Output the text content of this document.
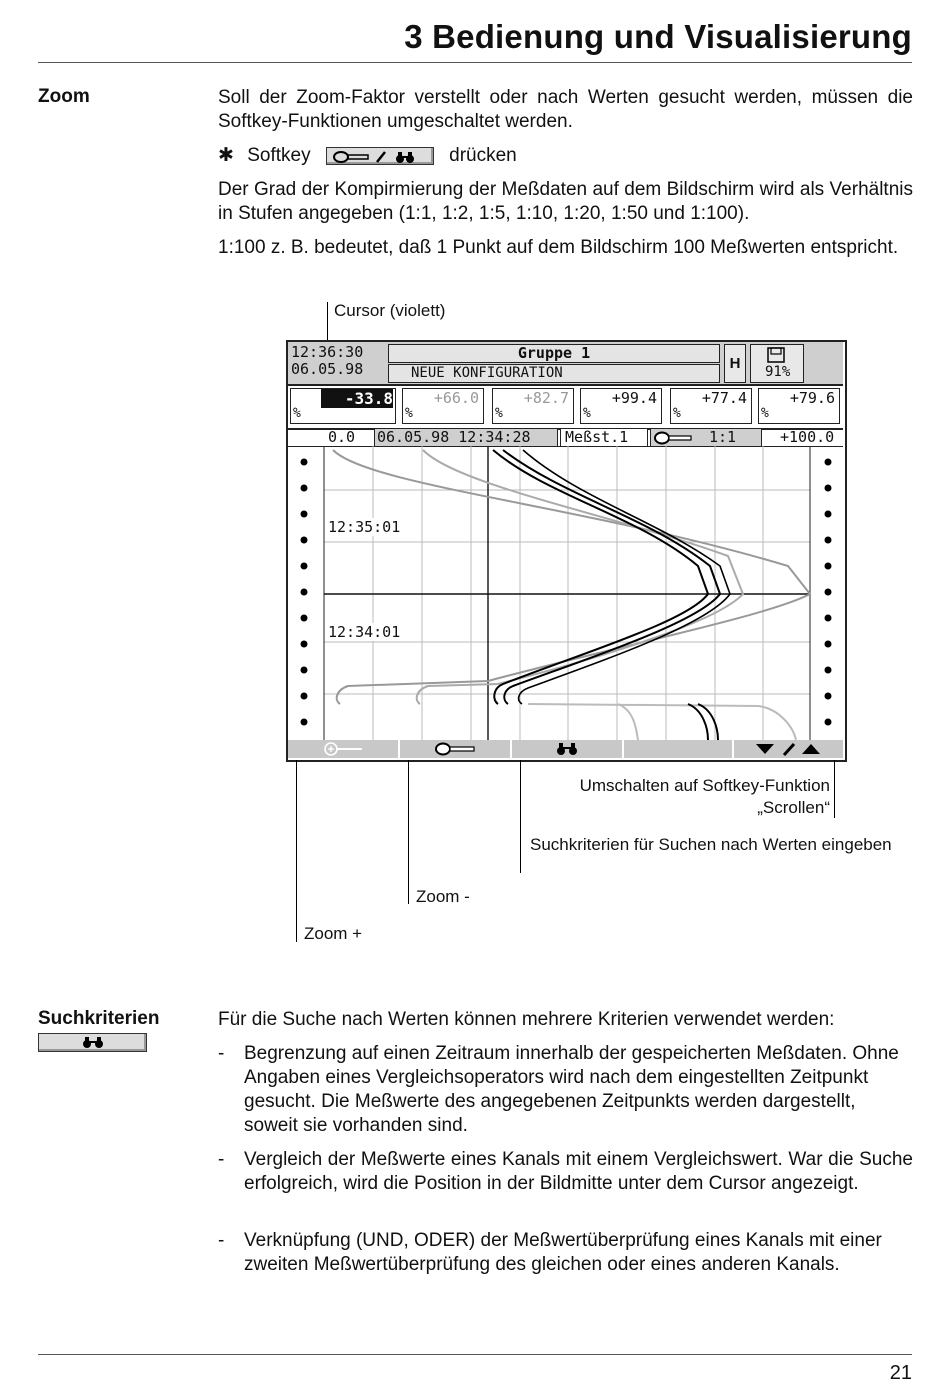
3 Bedienung und Visualisierung
Zoom	Soll der Zoom-Faktor verstellt oder nach Werten gesucht werden, müssen die Softkey-Funktionen umgeschaltet werden.
✱ Softkey	drücken
Der Grad der Kompirmierung der Meßdaten auf dem Bildschirm wird als Verhältnis in Stufen angegeben (1:1, 1:2, 1:5, 1:10, 1:20, 1:50 und 1:100).
1:100 z. B. bedeutet, daß 1 Punkt auf dem Bildschirm 100 Meßwerten entspricht.
Cursor (violett)
12:36:30
06.05.98
Gruppe 1
NEUE KONFIGURATION
H	91%
-33.8
%
+66.0
%
+82.7
%
+99.4
%
+77.4
%
+79.6
%
0.0 06.05.98 12:34:28 Meßst.1	1:1	+100.0
12:35:01
12:34:01
Umschalten auf Softkey-Funktion „Scrollen“
Suchkriterien für Suchen nach Werten eingeben
Zoom -
Zoom +
Suchkriterien	Für die Suche nach Werten können mehrere Kriterien verwendet werden:
- Begrenzung auf einen Zeitraum innerhalb der gespeicherten Meßdaten. Ohne Angaben eines Vergleichsoperators wird nach dem eingestellten Zeitpunkt gesucht. Die Meßwerte des angegebenen Zeitpunkts werden dargestellt, soweit sie vorhanden sind.
- Vergleich der Meßwerte eines Kanals mit einem Vergleichswert. War die Suche erfolgreich, wird die Position in der Bildmitte unter dem Cursor angezeigt.
- Verknüpfung (UND, ODER) der Meßwertüberprüfung eines Kanals mit einer zweiten Meßwertüberprüfung des gleichen oder eines anderen Kanals.
21
